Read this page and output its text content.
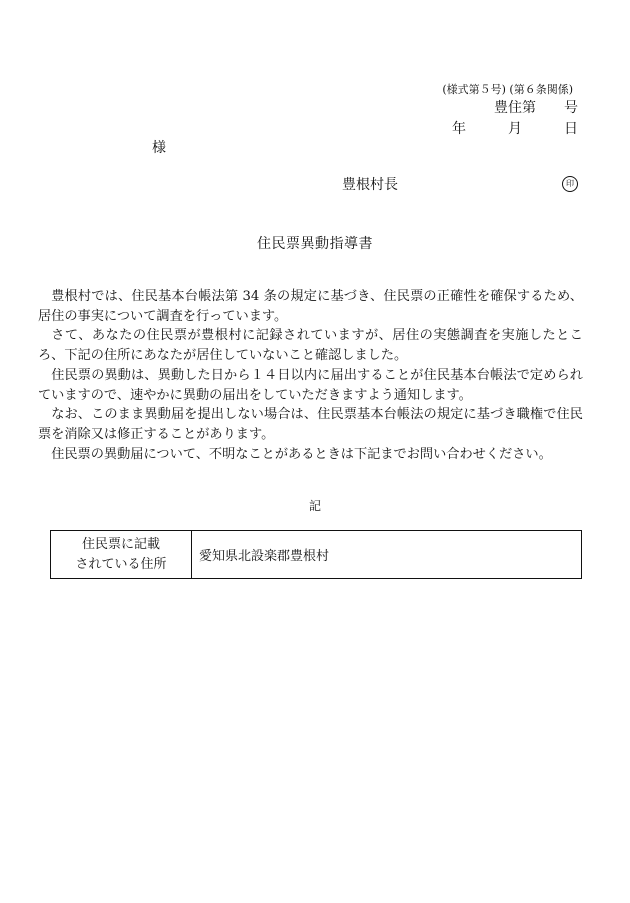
(様式第５号) (第６条関係)
豊住第　　号
年　　　月　　　日
様
豊根村長	印
住民票異動指導書

豊根村では、住民基本台帳法第 34 条の規定に基づき、住民票の正確性を確保するため、居住の事実について調査を行っています。

さて、あなたの住民票が豊根村に記録されていますが、居住の実態調査を実施したところ、下記の住所にあなたが居住していないこと確認しました。

住民票の異動は、異動した日から１４日以内に届出することが住民基本台帳法で定められていますので、速やかに異動の届出をしていただきますよう通知します。

なお、このまま異動届を提出しない場合は、住民票基本台帳法の規定に基づき職権で住民票を消除又は修正することがあります。

住民票の異動届について、不明なことがあるときは下記までお問い合わせください。

記
住民票に記載
されている住所	愛知県北設楽郡豊根村
